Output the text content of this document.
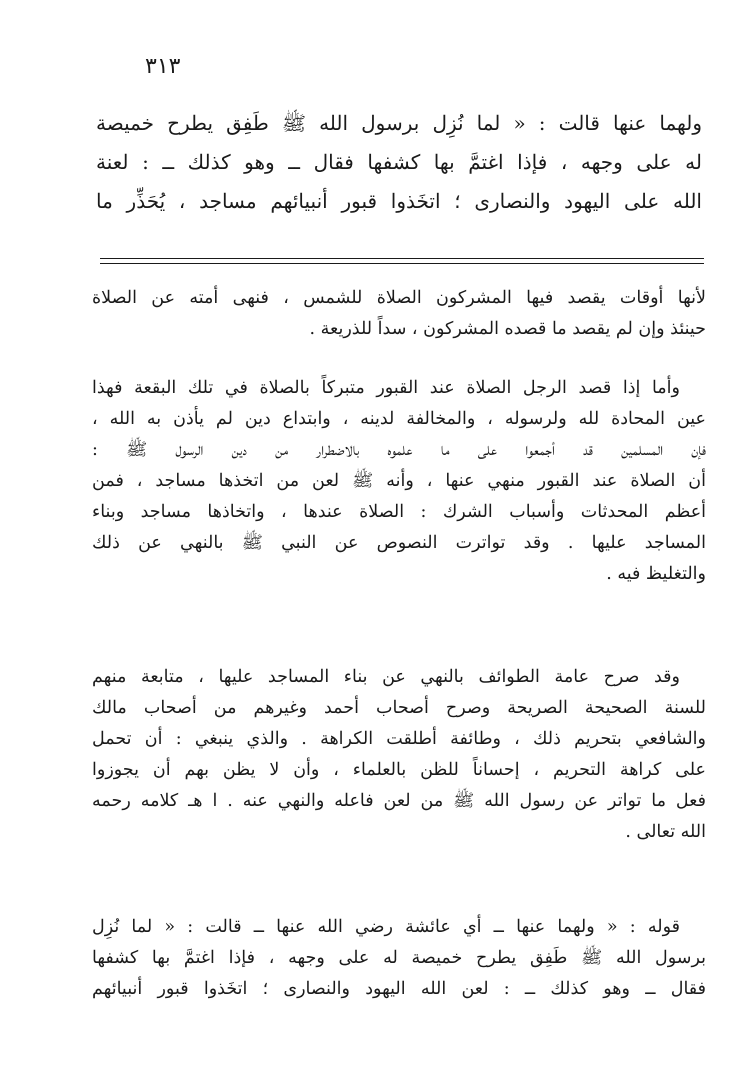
٣١٣
ولهما عنها قالت : « لما نُزِل برسول الله ﷺ طَفِق يطرح خميصة
له على وجهه ، فإذا اغتمَّ بها كشفها فقال ــ وهو كذلك ــ : لعنة
الله على اليهود والنصارى ؛ اتخَذوا قبور أنبيائهم مساجد ، يُحَذِّر ما
لأنها أوقات يقصد فيها المشركون الصلاة للشمس ، فنهى أمته عن الصلاة
حينئذ وإن لم يقصد ما قصده المشركون ، سداً للذريعة .
وأما إذا قصد الرجل الصلاة عند القبور متبركاً بالصلاة في تلك البقعة فهذا
عين المحادة لله ولرسوله ، والمخالفة لدينه ، وابتداع دين لم يأذن به الله ،
فإن المسلمين قد أجمعوا على ما علموه بالاضطرار من دين الرسول ﷺ :
أن الصلاة عند القبور منهي عنها ، وأنه ﷺ لعن من اتخذها مساجد ، فمن
أعظم المحدثات وأسباب الشرك : الصلاة عندها ، واتخاذها مساجد وبناء
المساجد عليها . وقد تواترت النصوص عن النبي ﷺ بالنهي عن ذلك
والتغليظ فيه .
وقد صرح عامة الطوائف بالنهي عن بناء المساجد عليها ، متابعة منهم
للسنة الصحيحة الصريحة وصرح أصحاب أحمد وغيرهم من أصحاب مالك
والشافعي بتحريم ذلك ، وطائفة أطلقت الكراهة . والذي ينبغي : أن تحمل
على كراهة التحريم ، إحساناً للظن بالعلماء ، وأن لا يظن بهم أن يجوزوا
فعل ما تواتر عن رسول الله ﷺ من لعن فاعله والنهي عنه . ا هـ كلامه رحمه
الله تعالى .
قوله : « ولهما عنها ــ أي عائشة رضي الله عنها ــ قالت : « لما نُزِل
برسول الله ﷺ طَفِق يطرح خميصة له على وجهه ، فإذا اغتمَّ بها كشفها
فقال ــ وهو كذلك ــ : لعن الله اليهود والنصارى ؛ اتخَذوا قبور أنبيائهم
